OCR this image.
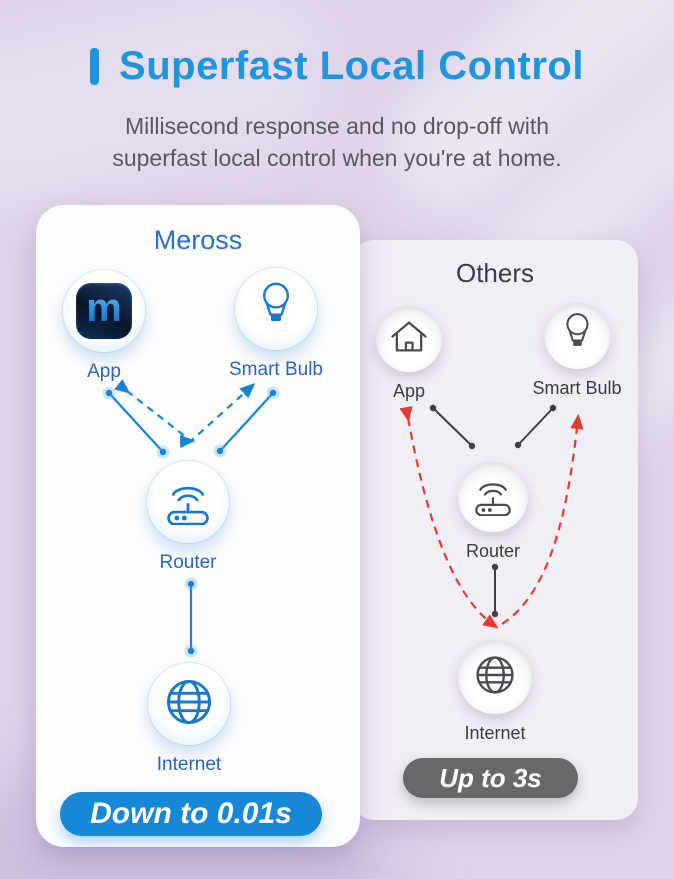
Superfast Local Control

Millisecond response and no drop-off with

superfast local control when you're at home.

Others
App	Smart Bulb
Router
Internet
Up to 3s
Meross
m
App	Smart Bulb
Router
Internet
Down to 0.01s
